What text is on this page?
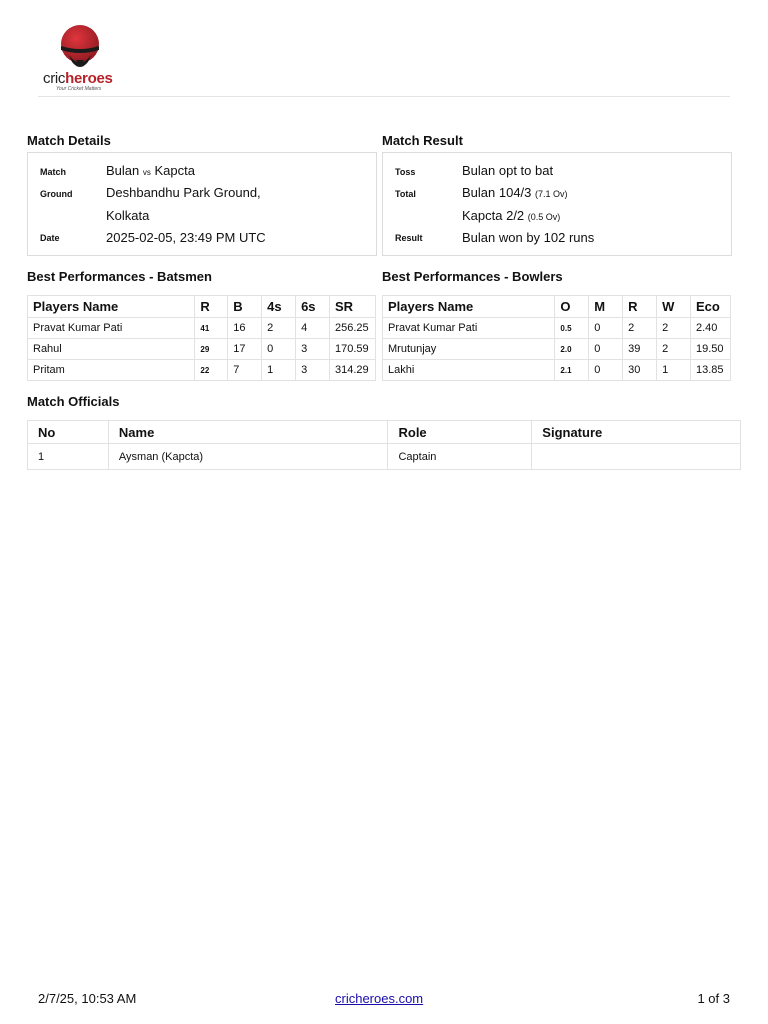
cricheroes
Your Cricket Matters
Match Details
Match	Bulan vs Kapcta
Ground	Deshbandhu Park Ground,
Kolkata
Date	2025-02-05, 23:49 PM UTC
Match Result
Toss	Bulan opt to bat
Total	Bulan 104/3 (7.1 Ov)
Kapcta 2/2 (0.5 Ov)
Result	Bulan won by 102 runs
Best Performances - Batsmen
Players Name	R	B	4s	6s	SR
Pravat Kumar Pati	41	16	2	4	256.25
Rahul	29	17	0	3	170.59
Pritam	22	7	1	3	314.29
Best Performances - Bowlers
Players Name	O	M	R	W	Eco
Pravat Kumar Pati	0.5	0	2	2	2.40
Mrutunjay	2.0	0	39	2	19.50
Lakhi	2.1	0	30	1	13.85
Match Officials
No	Name	Role	Signature
1	Aysman (Kapcta)	Captain	
2/7/25, 10:53 AM	cricheroes.com	1 of 3
